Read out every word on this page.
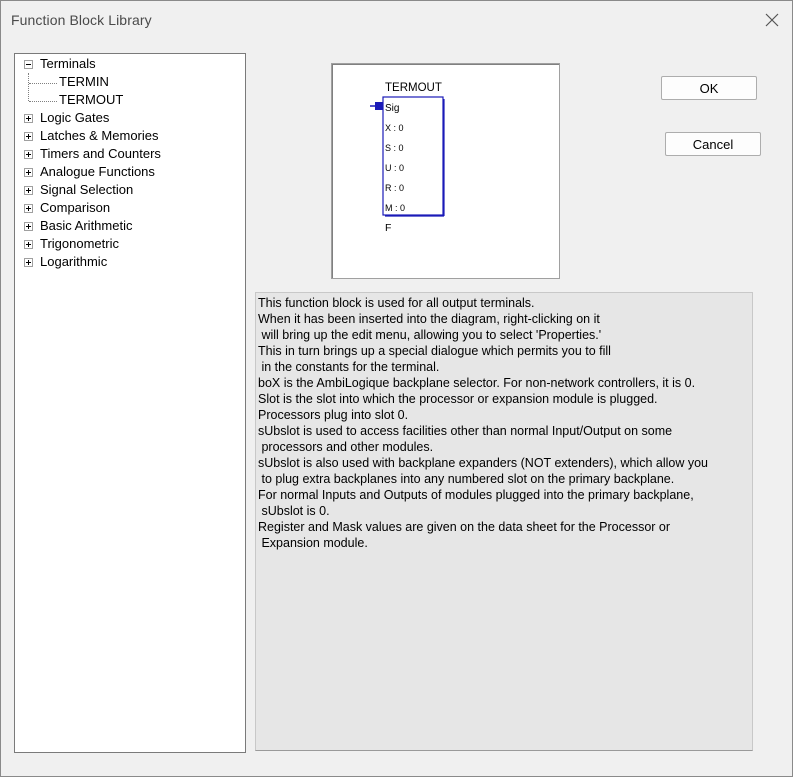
Function Block Library
Terminals
TERMIN
TERMOUT
Logic Gates
Latches & Memories
Timers and Counters
Analogue Functions
Signal Selection
Comparison
Basic Arithmetic
Trigonometric
Logarithmic
TERMOUT
Sig
X : 0
S : 0
U : 0
R : 0
M : 0
F
OK
Cancel
This function block is used for all output terminals.
When it has been inserted into the diagram, right-clicking on it
will bring up the edit menu, allowing you to select 'Properties.'
This in turn brings up a special dialogue which permits you to fill
in the constants for the terminal.
boX is the AmbiLogique backplane selector. For non-network controllers, it is 0.
Slot is the slot into which the processor or expansion module is plugged.
Processors plug into slot 0.
sUbslot is used to access facilities other than normal Input/Output on some
processors and other modules.
sUbslot is also used with backplane expanders (NOT extenders), which allow you
to plug extra backplanes into any numbered slot on the primary backplane.
For normal Inputs and Outputs of modules plugged into the primary backplane,
sUbslot is 0.
Register and Mask values are given on the data sheet for the Processor or
Expansion module.
